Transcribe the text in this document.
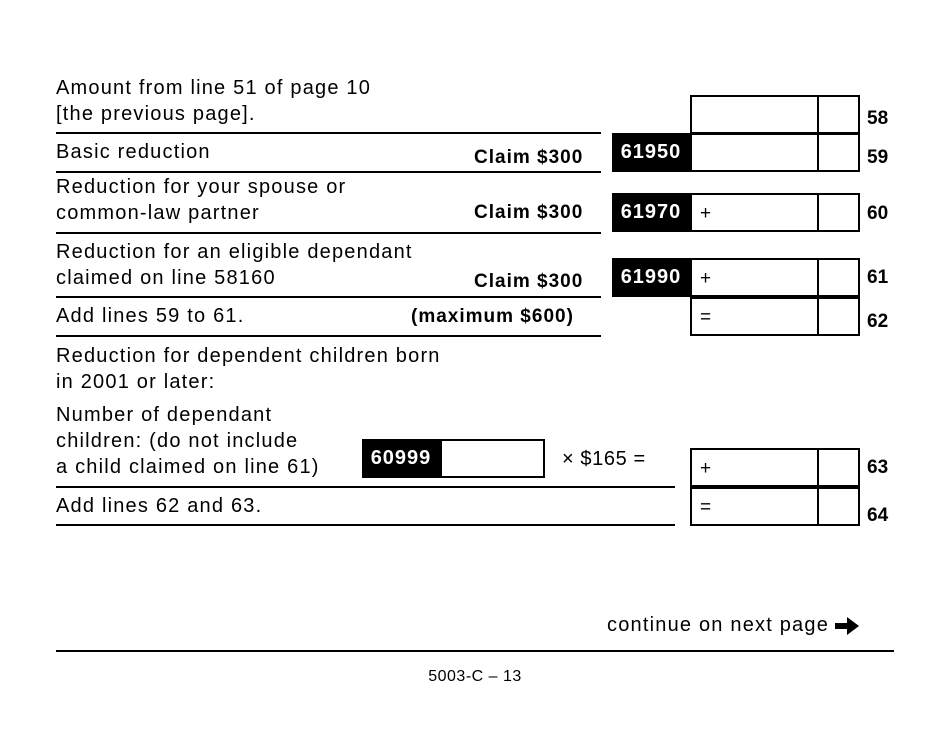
Amount from line 51 of page 10
[the previous page].	58
Basic reduction	Claim $300	61950	59
Reduction for your spouse or
common-law partner	Claim $300	61970 +	60
Reduction for an eligible dependant
claimed on line 58160	Claim $300	61990 +	61
Add lines 59 to 61.	(maximum $600)	=	62
Reduction for dependent children born
in 2001 or later:
Number of dependant
children: (do not include
a child claimed on line 61)	60999	× $165 =	+	63
Add lines 62 and 63.	=	64
continue on next page
5003-C – 13
